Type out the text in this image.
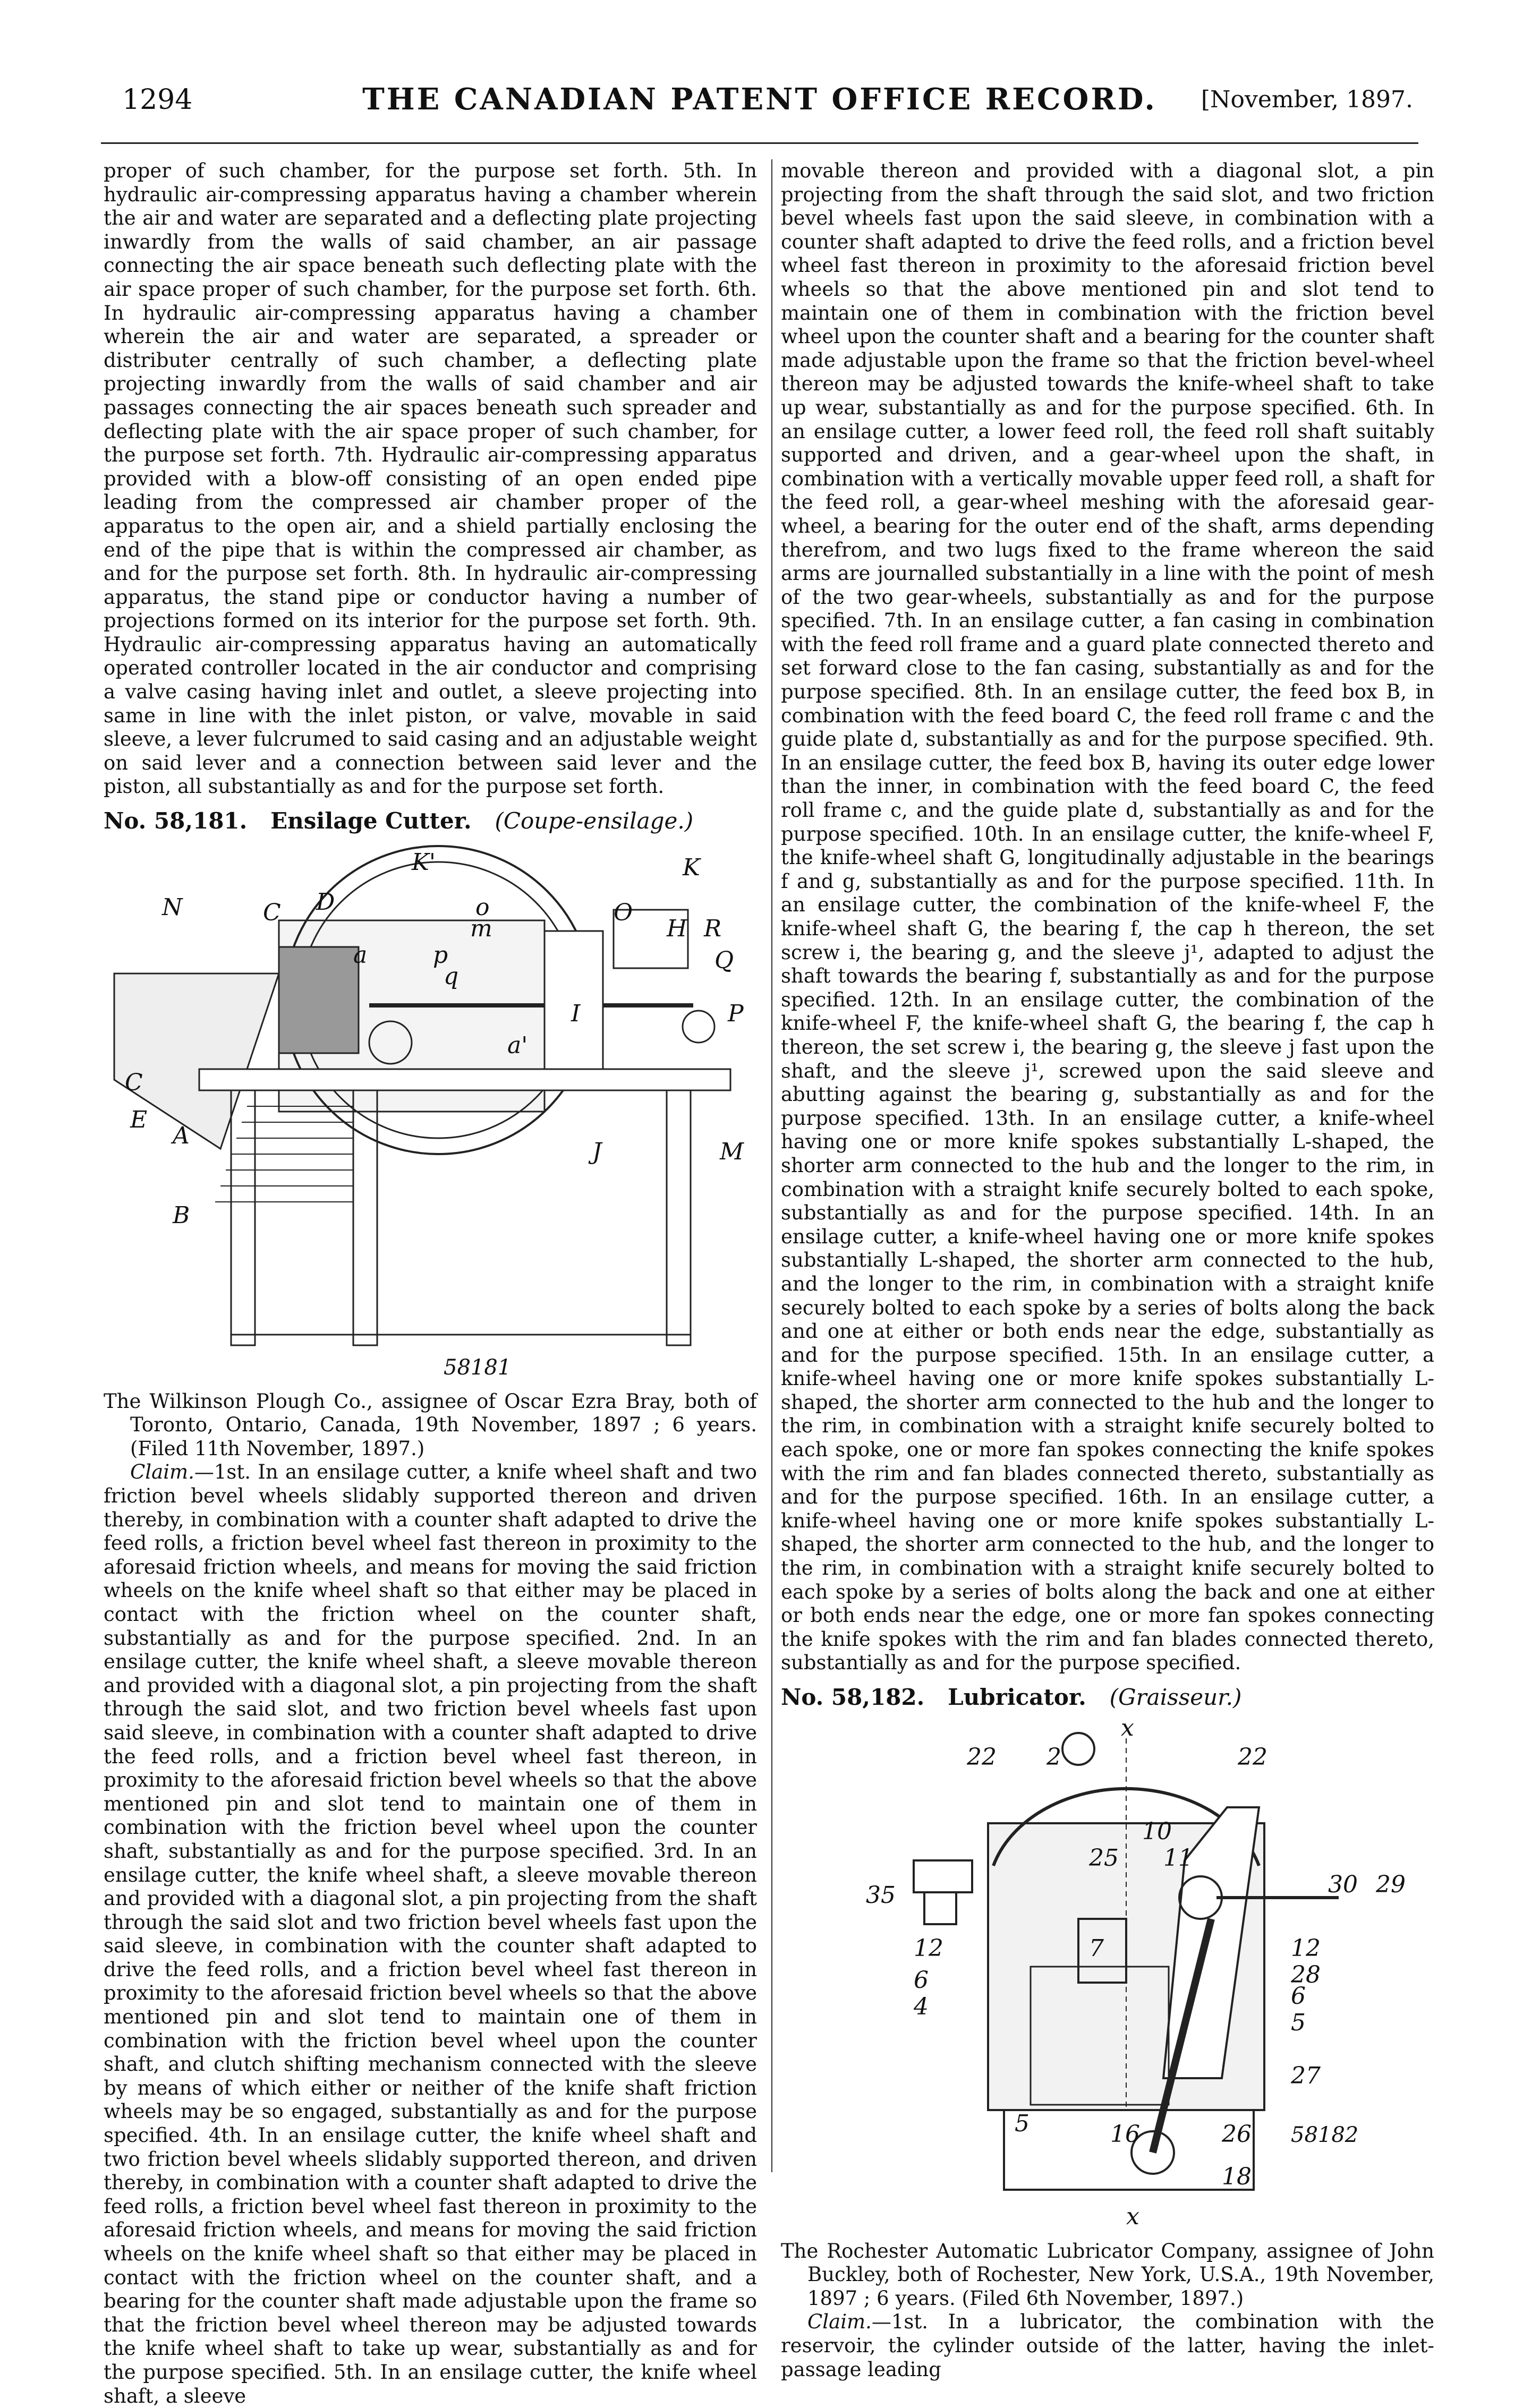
1294	THE CANADIAN PATENT OFFICE RECORD.	[November, 1897.

proper of such chamber, for the purpose set forth. 5th. In hydraulic air-compressing apparatus having a chamber wherein the air and water are separated and a deflecting plate projecting inwardly from the walls of said chamber, an air passage connecting the air space beneath such deflecting plate with the air space proper of such chamber, for the purpose set forth. 6th. In hydraulic air-compressing apparatus having a chamber wherein the air and water are separated, a spreader or distributer centrally of such chamber, a deflecting plate projecting inwardly from the walls of said chamber and air passages connecting the air spaces beneath such spreader and deflecting plate with the air space proper of such chamber, for the purpose set forth. 7th. Hydraulic air-compressing apparatus provided with a blow-off consisting of an open ended pipe leading from the compressed air chamber proper of the apparatus to the open air, and a shield partially enclosing the end of the pipe that is within the compressed air chamber, as and for the purpose set forth. 8th. In hydraulic air-compressing apparatus, the stand pipe or conductor having a number of projections formed on its interior for the purpose set forth. 9th. Hydraulic air-compressing apparatus having an automatically operated controller located in the air conductor and comprising a valve casing having inlet and outlet, a sleeve projecting into same in line with the inlet piston, or valve, movable in said sleeve, a lever fulcrumed to said casing and an adjustable weight on said lever and a connection between said lever and the piston, all substantially as and for the purpose set forth.

No. 58,181. Ensilage Cutter. (Coupe-ensilage.)
K'	K
N	C D	O
H R
Q
P
I
a'
J
C
E
A
M
B
m
p
q
a
o
58181

The Wilkinson Plough Co., assignee of Oscar Ezra Bray, both of Toronto, Ontario, Canada, 19th November, 1897 ; 6 years. (Filed 11th November, 1897.)

Claim.—1st. In an ensilage cutter, a knife wheel shaft and two friction bevel wheels slidably supported thereon and driven thereby, in combination with a counter shaft adapted to drive the feed rolls, a friction bevel wheel fast thereon in proximity to the aforesaid friction wheels, and means for moving the said friction wheels on the knife wheel shaft so that either may be placed in contact with the friction wheel on the counter shaft, substantially as and for the purpose specified. 2nd. In an ensilage cutter, the knife wheel shaft, a sleeve movable thereon and provided with a diagonal slot, a pin projecting from the shaft through the said slot, and two friction bevel wheels fast upon said sleeve, in combination with a counter shaft adapted to drive the feed rolls, and a friction bevel wheel fast thereon, in proximity to the aforesaid friction bevel wheels so that the above mentioned pin and slot tend to maintain one of them in combination with the friction bevel wheel upon the counter shaft, substantially as and for the purpose specified. 3rd. In an ensilage cutter, the knife wheel shaft, a sleeve movable thereon and provided with a diagonal slot, a pin projecting from the shaft through the said slot and two friction bevel wheels fast upon the said sleeve, in combination with the counter shaft adapted to drive the feed rolls, and a friction bevel wheel fast thereon in proximity to the aforesaid friction bevel wheels so that the above mentioned pin and slot tend to maintain one of them in combination with the friction bevel wheel upon the counter shaft, and clutch shifting mechanism connected with the sleeve by means of which either or neither of the knife shaft friction wheels may be so engaged, substantially as and for the purpose specified. 4th. In an ensilage cutter, the knife wheel shaft and two friction bevel wheels slidably supported thereon, and driven thereby, in combination with a counter shaft adapted to drive the feed rolls, a friction bevel wheel fast thereon in proximity to the aforesaid friction wheels, and means for moving the said friction wheels on the knife wheel shaft so that either may be placed in contact with the friction wheel on the counter shaft, and a bearing for the counter shaft made adjustable upon the frame so that the friction bevel wheel thereon may be adjusted towards the knife wheel shaft to take up wear, substantially as and for the purpose specified. 5th. In an ensilage cutter, the knife wheel shaft, a sleeve

movable thereon and provided with a diagonal slot, a pin projecting from the shaft through the said slot, and two friction bevel wheels fast upon the said sleeve, in combination with a counter shaft adapted to drive the feed rolls, and a friction bevel wheel fast thereon in proximity to the aforesaid friction bevel wheels so that the above mentioned pin and slot tend to maintain one of them in combination with the friction bevel wheel upon the counter shaft and a bearing for the counter shaft made adjustable upon the frame so that the friction bevel-wheel thereon may be adjusted towards the knife-wheel shaft to take up wear, substantially as and for the purpose specified. 6th. In an ensilage cutter, a lower feed roll, the feed roll shaft suitably supported and driven, and a gear-wheel upon the shaft, in combination with a vertically movable upper feed roll, a shaft for the feed roll, a gear-wheel meshing with the aforesaid gear-wheel, a bearing for the outer end of the shaft, arms depending therefrom, and two lugs fixed to the frame whereon the said arms are journalled substantially in a line with the point of mesh of the two gear-wheels, substantially as and for the purpose specified. 7th. In an ensilage cutter, a fan casing in combination with the feed roll frame and a guard plate connected thereto and set forward close to the fan casing, substantially as and for the purpose specified. 8th. In an ensilage cutter, the feed box B, in combination with the feed board C, the feed roll frame c and the guide plate d, substantially as and for the purpose specified. 9th. In an ensilage cutter, the feed box B, having its outer edge lower than the inner, in combination with the feed board C, the feed roll frame c, and the guide plate d, substantially as and for the purpose specified. 10th. In an ensilage cutter, the knife-wheel F, the knife-wheel shaft G, longitudinally adjustable in the bearings f and g, substantially as and for the purpose specified. 11th. In an ensilage cutter, the combination of the knife-wheel F, the knife-wheel shaft G, the bearing f, the cap h thereon, the set screw i, the bearing g, and the sleeve j¹, adapted to adjust the shaft towards the bearing f, substantially as and for the purpose specified. 12th. In an ensilage cutter, the combination of the knife-wheel F, the knife-wheel shaft G, the bearing f, the cap h thereon, the set screw i, the bearing g, the sleeve j fast upon the shaft, and the sleeve j¹, screwed upon the said sleeve and abutting against the bearing g, substantially as and for the purpose specified. 13th. In an ensilage cutter, a knife-wheel having one or more knife spokes substantially L-shaped, the shorter arm connected to the hub and the longer to the rim, in combination with a straight knife securely bolted to each spoke, substantially as and for the purpose specified. 14th. In an ensilage cutter, a knife-wheel having one or more knife spokes substantially L-shaped, the shorter arm connected to the hub, and the longer to the rim, in combination with a straight knife securely bolted to each spoke by a series of bolts along the back and one at either or both ends near the edge, substantially as and for the purpose specified. 15th. In an ensilage cutter, a knife-wheel having one or more knife spokes substantially L-shaped, the shorter arm connected to the hub and the longer to the rim, in combination with a straight knife securely bolted to each spoke, one or more fan spokes connecting the knife spokes with the rim and fan blades connected thereto, substantially as and for the purpose specified. 16th. In an ensilage cutter, a knife-wheel having one or more knife spokes substantially L-shaped, the shorter arm connected to the hub, and the longer to the rim, in combination with a straight knife securely bolted to each spoke by a series of bolts along the back and one at either or both ends near the edge, one or more fan spokes connecting the knife spokes with the rim and fan blades connected thereto, substantially as and for the purpose specified.

No. 58,182. Lubricator. (Graisseur.)
x
22 2	22
10
25 11
35	30 29
12	12
7
28
6
6
4
5
27
5	16	26
18
x
58182

The Rochester Automatic Lubricator Company, assignee of John Buckley, both of Rochester, New York, U.S.A., 19th November, 1897 ; 6 years. (Filed 6th November, 1897.)

Claim.—1st. In a lubricator, the combination with the reservoir, the cylinder outside of the latter, having the inlet-passage leading
